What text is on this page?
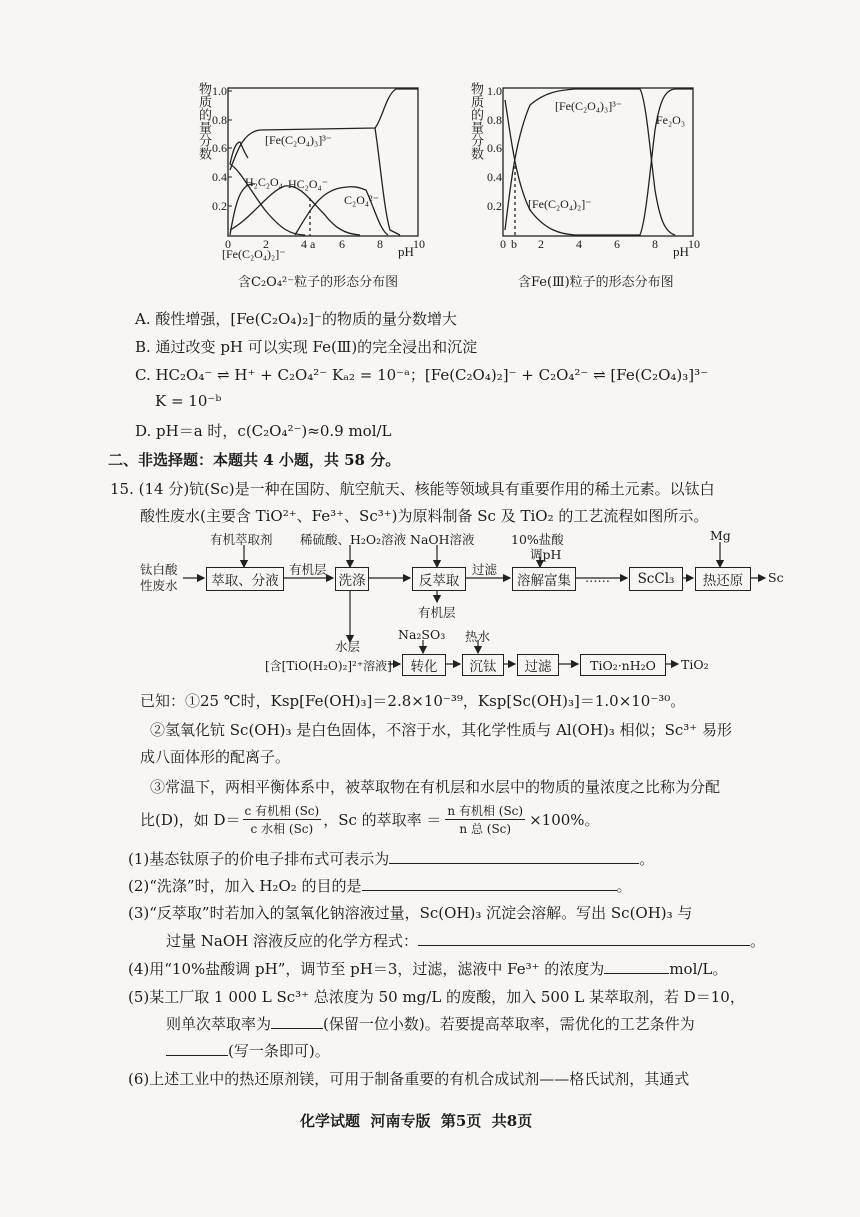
1.0
0.8
0.6
0.4
0.2
0	2	4 a 6	8	10
pH
[Fe(C₂O₄)₃]³⁻
H₂C₂O₄ HC₂O₄⁻
C₂O₄²⁻
[Fe(C₂O₄)₂]⁻
1.0
0.8
0.6
0.4
0.2
0 b 2	4	6	8	10
pH
[Fe(C₂O₄)₃]³⁻
Fe₂O₃
[Fe(C₂O₄)₂]⁻
物质的量分数	物质的量分数
含C₂O₄²⁻粒子的形态分布图	含Fe(Ⅲ)粒子的形态分布图
A. 酸性增强，[Fe(C₂O₄)₂]⁻的物质的量分数增大
B. 通过改变 pH 可以实现 Fe(Ⅲ)的完全浸出和沉淀
C. HC₂O₄⁻ ⇌ H⁺ + C₂O₄²⁻ Kₐ₂ = 10⁻ᵃ；[Fe(C₂O₄)₂]⁻ + C₂O₄²⁻ ⇌ [Fe(C₂O₄)₃]³⁻
K = 10⁻ᵇ
D. pH＝a 时，c(C₂O₄²⁻)≈0.9 mol/L
二、非选择题：本题共 4 小题，共 58 分。
15. (14 分)钪(Sc)是一种在国防、航空航天、核能等领域具有重要作用的稀土元素。以钛白
酸性废水(主要含 TiO²⁺、Fe³⁺、Sc³⁺)为原料制备 Sc 及 TiO₂ 的工艺流程如图所示。
钛白酸
性废水	萃取、分液	洗涤	反萃取	溶解富集	ScCl₃	热还原
有机萃取剂 稀硫酸、H₂O₂溶液 NaOH溶液	10%盐酸
调pH
Mg
有机层	过滤
……	Sc
有机层
水层
[含[TiO(H₂O)₂]²⁺溶液]
Na₂SO₃ 热水
转化	沉钛	过滤	TiO₂·nH₂O	TiO₂
已知：①25 ℃时，Ksp[Fe(OH)₃]＝2.8×10⁻³⁹，Ksp[Sc(OH)₃]＝1.0×10⁻³⁰。
②氢氧化钪 Sc(OH)₃ 是白色固体，不溶于水，其化学性质与 Al(OH)₃ 相似；Sc³⁺ 易形
成八面体形的配离子。
③常温下，两相平衡体系中，被萃取物在有机层和水层中的物质的量浓度之比称为分配
比(D)，如 D＝ c 有机相 (Sc)
c 水相 (Sc) ，Sc 的萃取率 ＝ n 有机相 (Sc)
n 总 (Sc) ×100%。
(1)基态钛原子的价电子排布式可表示为	。
(2)“洗涤”时，加入 H₂O₂ 的目的是	。
(3)“反萃取”时若加入的氢氧化钠溶液过量，Sc(OH)₃ 沉淀会溶解。写出 Sc(OH)₃ 与
过量 NaOH 溶液反应的化学方程式：	。
(4)用“10%盐酸调 pH”，调节至 pH＝3，过滤，滤液中 Fe³⁺ 的浓度为	mol/L。
(5)某工厂取 1 000 L Sc³⁺ 总浓度为 50 mg/L 的废酸，加入 500 L 某萃取剂，若 D＝10，
则单次萃取率为	(保留一位小数)。若要提高萃取率，需优化的工艺条件为
(写一条即可)。
(6)上述工业中的热还原剂镁，可用于制备重要的有机合成试剂——格氏试剂，其通式
化学试题  河南专版  第5页  共8页
